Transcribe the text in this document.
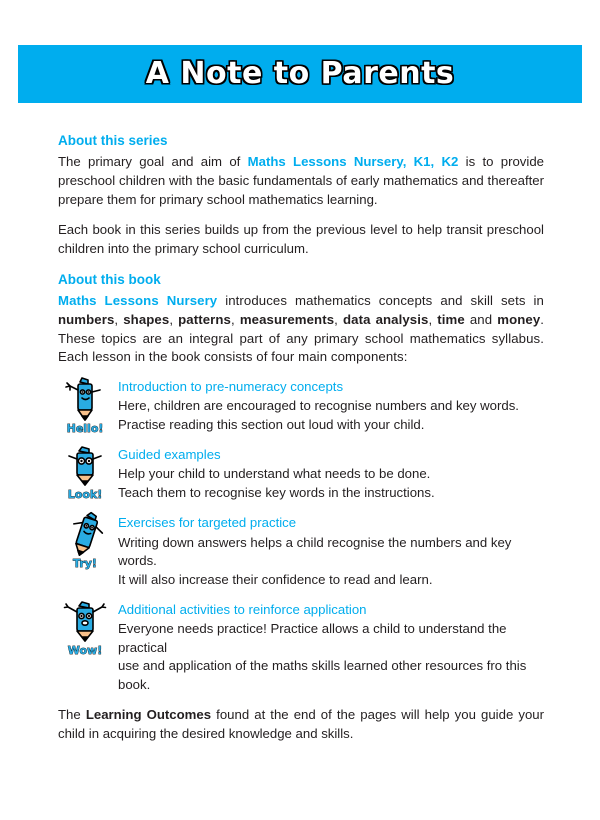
A Note to Parents
About this series

The primary goal and aim of Maths Lessons Nursery, K1, K2 is to provide preschool children with the basic fundamentals of early mathematics and thereafter prepare them for primary school mathematics learning.

Each book in this series builds up from the previous level to help transit preschool children into the primary school curriculum.

About this book

Maths Lessons Nursery introduces mathematics concepts and skill sets in numbers, shapes, patterns, measurements, data analysis, time and money. These topics are an integral part of any primary school mathematics syllabus. Each lesson in the book consists of four main components:

Hello!

Introduction to pre-numeracy concepts

Here, children are encouraged to recognise numbers and key words.

Practise reading this section out loud with your child.

Look!

Guided examples

Help your child to understand what needs to be done.

Teach them to recognise key words in the instructions.

Try!

Exercises for targeted practice

Writing down answers helps a child recognise the numbers and key words.

It will also increase their confidence to read and learn.

Wow!

Additional activities to reinforce application

Everyone needs practice! Practice allows a child to understand the practical

use and application of the maths skills learned other resources fro this book.

The Learning Outcomes found at the end of the pages will help you guide your child in acquiring the desired knowledge and skills.
